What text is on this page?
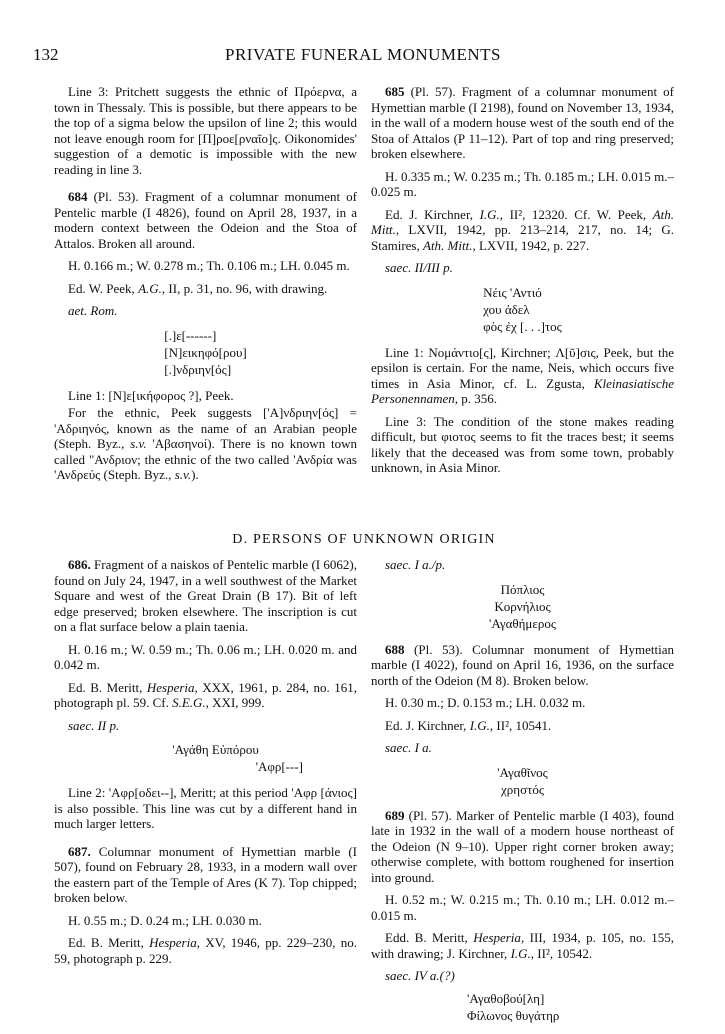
132	PRIVATE FUNERAL MONUMENTS

Line 3: Pritchett suggests the ethnic of Πρόερνα, a town in Thessaly. This is possible, but there appears to be the top of a sigma below the upsilon of line 2; this would not leave enough room for [Π]ροε[ρναῖο]ς. Oikonomides' suggestion of a demotic is impossible with the new reading in line 3.

684 (Pl. 53). Fragment of a columnar monument of Pentelic marble (I 4826), found on April 28, 1937, in a modern context between the Odeion and the Stoa of Attalos. Broken all around.

H. 0.166 m.; W. 0.278 m.; Th. 0.106 m.; LH. 0.045 m.

Ed. W. Peek, A.G., II, p. 31, no. 96, with drawing.

aet. Rom.
[.]ε[------]
[Ν]εικηφό[ρου]
[.]νδριην[ός]

Line 1: [Ν]ε[ικήφορος ?], Peek.

For the ethnic, Peek suggests ['Α]νδριην[ός] = 'Αδριηνός, known as the name of an Arabian people (Steph. Byz., s.v. 'Αβασηνοί). There is no known town called "Ανδριον; the ethnic of the two called 'Ανδρία was 'Ανδρεύς (Steph. Byz., s.v.).

685 (Pl. 57). Fragment of a columnar monument of Hymettian marble (I 2198), found on November 13, 1934, in the wall of a modern house west of the south end of the Stoa of Attalos (P 11–12). Part of top and ring preserved; broken elsewhere.

H. 0.335 m.; W. 0.235 m.; Th. 0.185 m.; LH. 0.015 m.–0.025 m.

Ed. J. Kirchner, I.G., II², 12320. Cf. W. Peek, Ath. Mitt., LXVII, 1942, pp. 213–214, 217, no. 14; G. Stamires, Ath. Mitt., LXVII, 1942, p. 227.

saec. II/III p.
Νέις 'Αντιό
χου ἀδελ
φὸς ἐχ [. . .]τος

Line 1: Νομάντιο[ς], Kirchner; Λ[ῦ]σις, Peek, but the epsilon is certain. For the name, Neis, which occurs five times in Asia Minor, cf. L. Zgusta, Kleinasiatische Personennamen, p. 356.

Line 3: The condition of the stone makes reading difficult, but φιοτος seems to fit the traces best; it seems likely that the deceased was from some town, probably unknown, in Asia Minor.

D. PERSONS OF UNKNOWN ORIGIN

686. Fragment of a naiskos of Pentelic marble (I 6062), found on July 24, 1947, in a well southwest of the Market Square and west of the Great Drain (B 17). Bit of left edge preserved; broken elsewhere. The inscription is cut on a flat surface below a plain taenia.

H. 0.16 m.; W. 0.59 m.; Th. 0.06 m.; LH. 0.020 m. and 0.042 m.

Ed. B. Meritt, Hesperia, XXX, 1961, p. 284, no. 161, photograph pl. 59. Cf. S.E.G., XXI, 999.

saec. II p.
'Αγάθη Εὐπόρου
'Αφρ[---]

Line 2: 'Αφρ[οδει--], Meritt; at this period 'Αφρ [άνιος] is also possible. This line was cut by a different hand in much larger letters.

687. Columnar monument of Hymettian marble (I 507), found on February 28, 1933, in a modern wall over the eastern part of the Temple of Ares (K 7). Top chipped; broken below.

H. 0.55 m.; D. 0.24 m.; LH. 0.030 m.

Ed. B. Meritt, Hesperia, XV, 1946, pp. 229–230, no. 59, photograph p. 229.

saec. I a./p.
Πόπλιος
Κορνήλιος
'Αγαθήμερος

688 (Pl. 53). Columnar monument of Hymettian marble (I 4022), found on April 16, 1936, on the surface north of the Odeion (M 8). Broken below.

H. 0.30 m.; D. 0.153 m.; LH. 0.032 m.

Ed. J. Kirchner, I.G., II², 10541.

saec. I a.
'Αγαθῖνος
χρηστός

689 (Pl. 57). Marker of Pentelic marble (I 403), found late in 1932 in the wall of a modern house northeast of the Odeion (N 9–10). Upper right corner broken away; otherwise complete, with bottom roughened for insertion into ground.

H. 0.52 m.; W. 0.215 m.; Th. 0.10 m.; LH. 0.012 m.–0.015 m.

Edd. B. Meritt, Hesperia, III, 1934, p. 105, no. 155, with drawing; J. Kirchner, I.G., II², 10542.

saec. IV a.(?)
'Αγαθοβού[λη]
Φίλωνος θυγάτηρ
